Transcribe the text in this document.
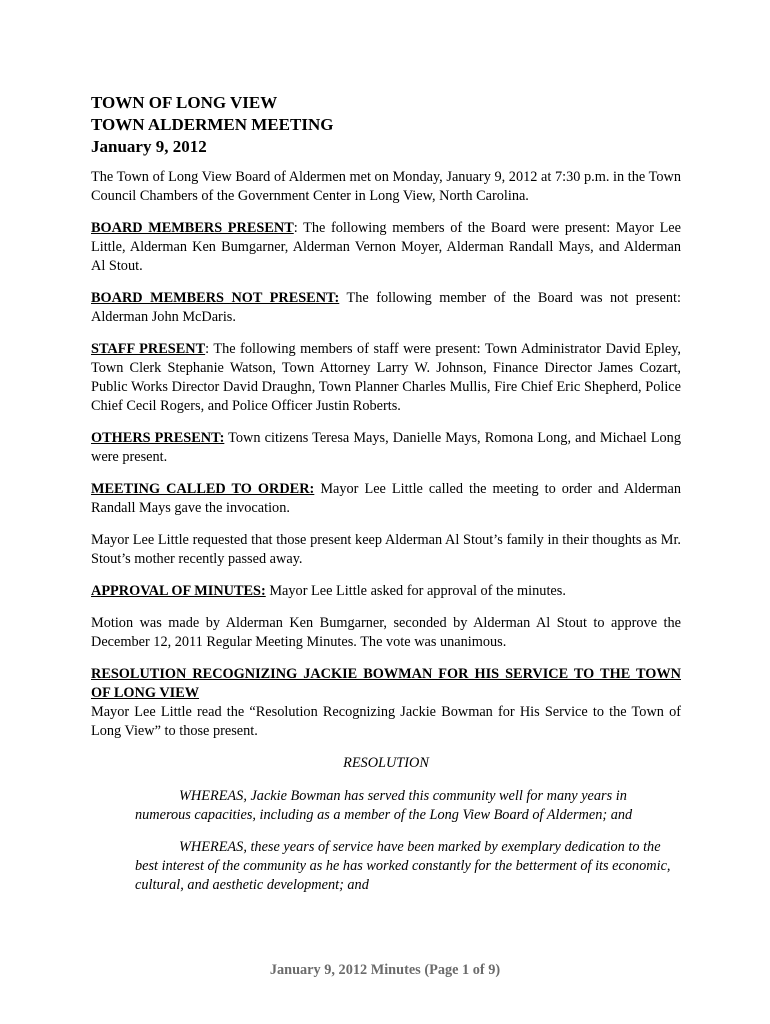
TOWN OF LONG VIEW

TOWN ALDERMEN MEETING

January 9, 2012

The Town of Long View Board of Aldermen met on Monday, January 9, 2012 at 7:30 p.m. in the Town Council Chambers of the Government Center in Long View, North Carolina.

BOARD MEMBERS PRESENT: The following members of the Board were present: Mayor Lee Little, Alderman Ken Bumgarner, Alderman Vernon Moyer, Alderman Randall Mays, and Alderman Al Stout.

BOARD MEMBERS NOT PRESENT: The following member of the Board was not present: Alderman John McDaris.

STAFF PRESENT: The following members of staff were present: Town Administrator David Epley, Town Clerk Stephanie Watson, Town Attorney Larry W. Johnson, Finance Director James Cozart, Public Works Director David Draughn, Town Planner Charles Mullis, Fire Chief Eric Shepherd, Police Chief Cecil Rogers, and Police Officer Justin Roberts.

OTHERS PRESENT: Town citizens Teresa Mays, Danielle Mays, Romona Long, and Michael Long were present.

MEETING CALLED TO ORDER: Mayor Lee Little called the meeting to order and Alderman Randall Mays gave the invocation.

Mayor Lee Little requested that those present keep Alderman Al Stout’s family in their thoughts as Mr. Stout’s mother recently passed away.

APPROVAL OF MINUTES: Mayor Lee Little asked for approval of the minutes.

Motion was made by Alderman Ken Bumgarner, seconded by Alderman Al Stout to approve the December 12, 2011 Regular Meeting Minutes. The vote was unanimous.

RESOLUTION RECOGNIZING JACKIE BOWMAN FOR HIS SERVICE TO THE TOWN OF LONG VIEW

Mayor Lee Little read the “Resolution Recognizing Jackie Bowman for His Service to the Town of Long View” to those present.

RESOLUTION

WHEREAS, Jackie Bowman has served this community well for many years in numerous capacities, including as a member of the Long View Board of Aldermen; and

WHEREAS, these years of service have been marked by exemplary dedication to the best interest of the community as he has worked constantly for the betterment of its economic, cultural, and aesthetic development; and

January 9, 2012 Minutes (Page 1 of 9)
